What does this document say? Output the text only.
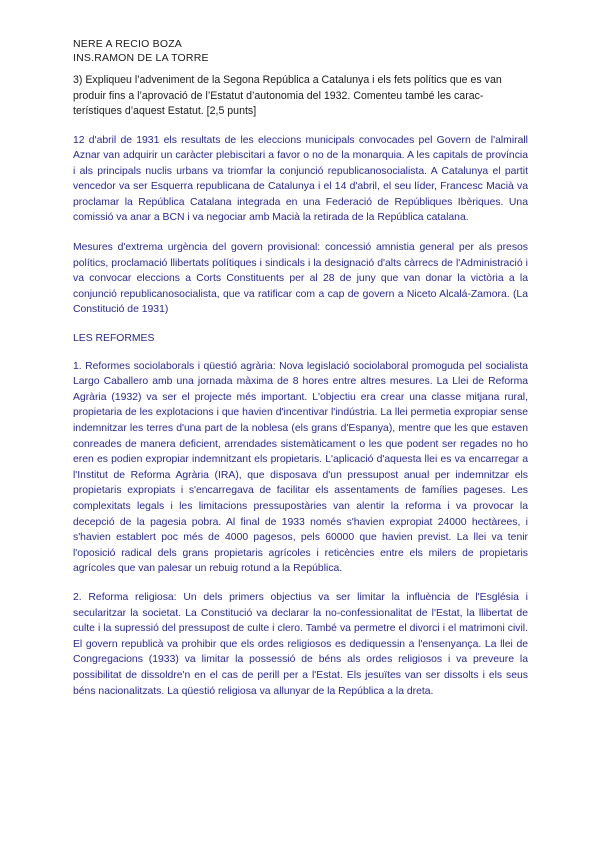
NERE A RECIO BOZA
INS.RAMON DE LA TORRE

3) Expliqueu l’adveniment de la Segona República a Catalunya i els fets polítics que es van produir fins a l’aprovació de l’Estatut d’autonomia del 1932. Comenteu també les carac-terístiques d’aquest Estatut. [2,5 punts]

12 d'abril de 1931 els resultats de les eleccions municipals convocades pel Govern de l'almirall Aznar van adquirir un caràcter plebiscitari a favor o no de la monarquia. A les capitals de província i als principals nuclis urbans va triomfar la conjunció republicanosocialista. A Catalunya el partit vencedor va ser Esquerra republicana de Catalunya i el 14 d'abril, el seu líder, Francesc Macià va proclamar la República Catalana integrada en una Federació de Repúbliques Ibèriques. Una comissió va anar a BCN i va negociar amb Macià la retirada de la República catalana.

Mesures d'extrema urgència del govern provisional: concessió amnistia general per als presos polítics, proclamació llibertats polítiques i sindicals i la designació d'alts càrrecs de l'Administració i va convocar eleccions a Corts Constituents per al 28 de juny que van donar la victòria a la conjunció republicanosocialista, que va ratificar com a cap de govern a Niceto Alcalá-Zamora. (La Constitució de 1931)

LES REFORMES

1. Reformes sociolaborals i qüestió agrària: Nova legislació sociolaboral promoguda pel socialista Largo Caballero amb una jornada màxima de 8 hores entre altres mesures. La Llei de Reforma Agrària (1932) va ser el projecte més important. L'objectiu era crear una classe mitjana rural, propietaria de les explotacions i que havien d'incentivar l'indústria. La llei permetia expropiar sense indemnitzar les terres d'una part de la noblesa (els grans d'Espanya), mentre que les que estaven conreades de manera deficient, arrendades sistemàticament o les que podent ser regades no ho eren es podien expropiar indemnitzant els propietaris. L'aplicació d'aquesta llei es va encarregar a l'Institut de Reforma Agrària (IRA), que disposava d'un pressupost anual per indemnitzar els propietaris expropiats i s'encarregava de facilitar els assentaments de famílies pageses. Les complexitats legals i les limitacions pressupostàries van alentir la reforma i va provocar la decepció de la pagesia pobra. Al final de 1933 només s'havien expropiat 24000 hectàrees, i s'havien establert poc més de 4000 pagesos, pels 60000 que havien previst. La llei va tenir l'oposició radical dels grans propietaris agrícoles i reticències entre els milers de propietaris agrícoles que van palesar un rebuig rotund a la República.

2. Reforma religiosa: Un dels primers objectius va ser limitar la influència de l'Església i secularitzar la societat. La Constitució va declarar la no-confessionalitat de l'Estat, la llibertat de culte i la supressió del pressupost de culte i clero. També va permetre el divorci i el matrimoni civil. El govern republicà va prohibir que els ordes religiosos es dediquessin a l'ensenyança. La llei de Congregacions (1933) va limitar la possessió de béns als ordes religiosos i va preveure la possibilitat de dissoldre'n en el cas de perill per a l'Estat. Els jesuïtes van ser dissolts i els seus béns nacionalitzats. La qüestió religiosa va allunyar de la República a la dreta.
